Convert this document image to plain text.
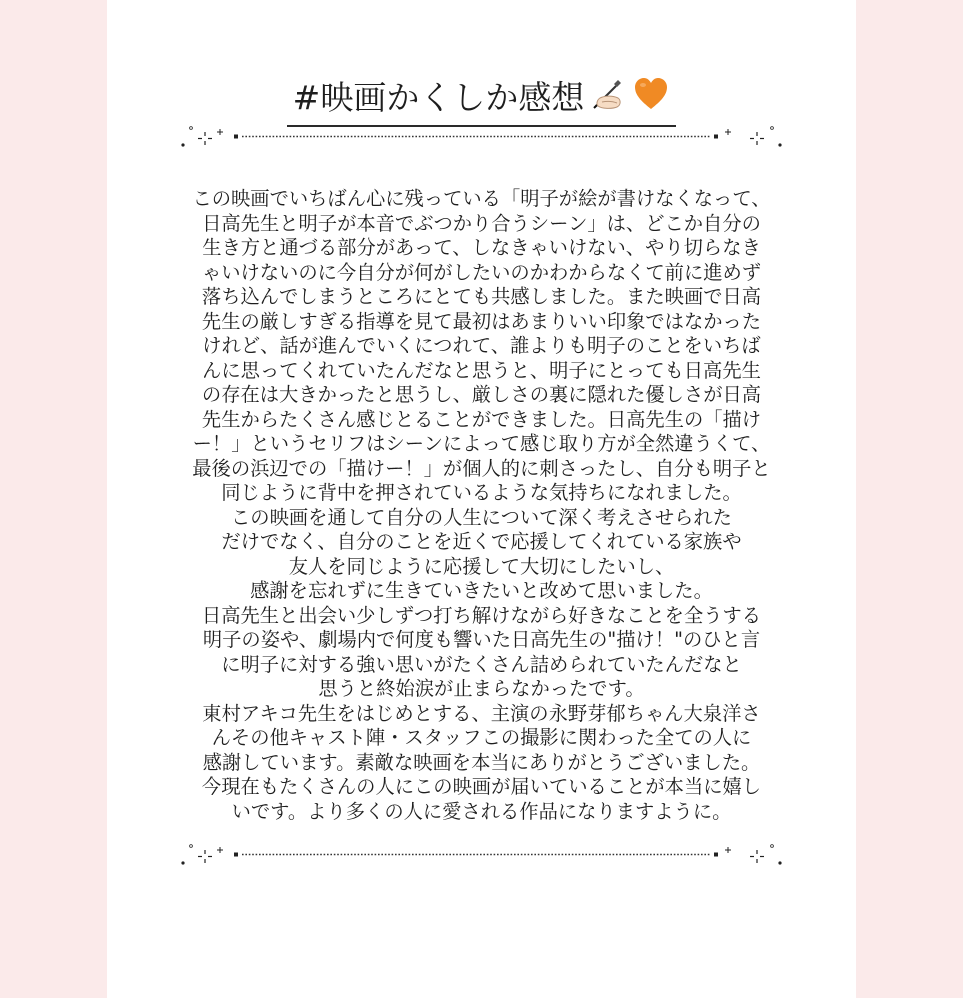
#映画かくしか感想
この映画でいちばん心に残っている「明子が絵が書けなくなって、
日高先生と明子が本音でぶつかり合うシーン」は、どこか自分の
生き方と通づる部分があって、しなきゃいけない、やり切らなき
ゃいけないのに今自分が何がしたいのかわからなくて前に進めず
落ち込んでしまうところにとても共感しました。また映画で日高
先生の厳しすぎる指導を見て最初はあまりいい印象ではなかった
けれど、話が進んでいくにつれて、誰よりも明子のことをいちば
んに思ってくれていたんだなと思うと、明子にとっても日高先生
の存在は大きかったと思うし、厳しさの裏に隠れた優しさが日高
先生からたくさん感じとることができました。日高先生の「描け
ー！」というセリフはシーンによって感じ取り方が全然違うくて、
最後の浜辺での「描けー！」が個人的に刺さったし、自分も明子と
同じように背中を押されているような気持ちになれました。
この映画を通して自分の人生について深く考えさせられた
だけでなく、自分のことを近くで応援してくれている家族や
友人を同じように応援して大切にしたいし、
感謝を忘れずに生きていきたいと改めて思いました。
日高先生と出会い少しずつ打ち解けながら好きなことを全うする
明子の姿や、劇場内で何度も響いた日高先生の"描け！"のひと言
に明子に対する強い思いがたくさん詰められていたんだなと
思うと終始涙が止まらなかったです。
東村アキコ先生をはじめとする、主演の永野芽郁ちゃん大泉洋さ
んその他キャスト陣・スタッフこの撮影に関わった全ての人に
感謝しています。素敵な映画を本当にありがとうございました。
今現在もたくさんの人にこの映画が届いていることが本当に嬉し
いです。より多くの人に愛される作品になりますように。
